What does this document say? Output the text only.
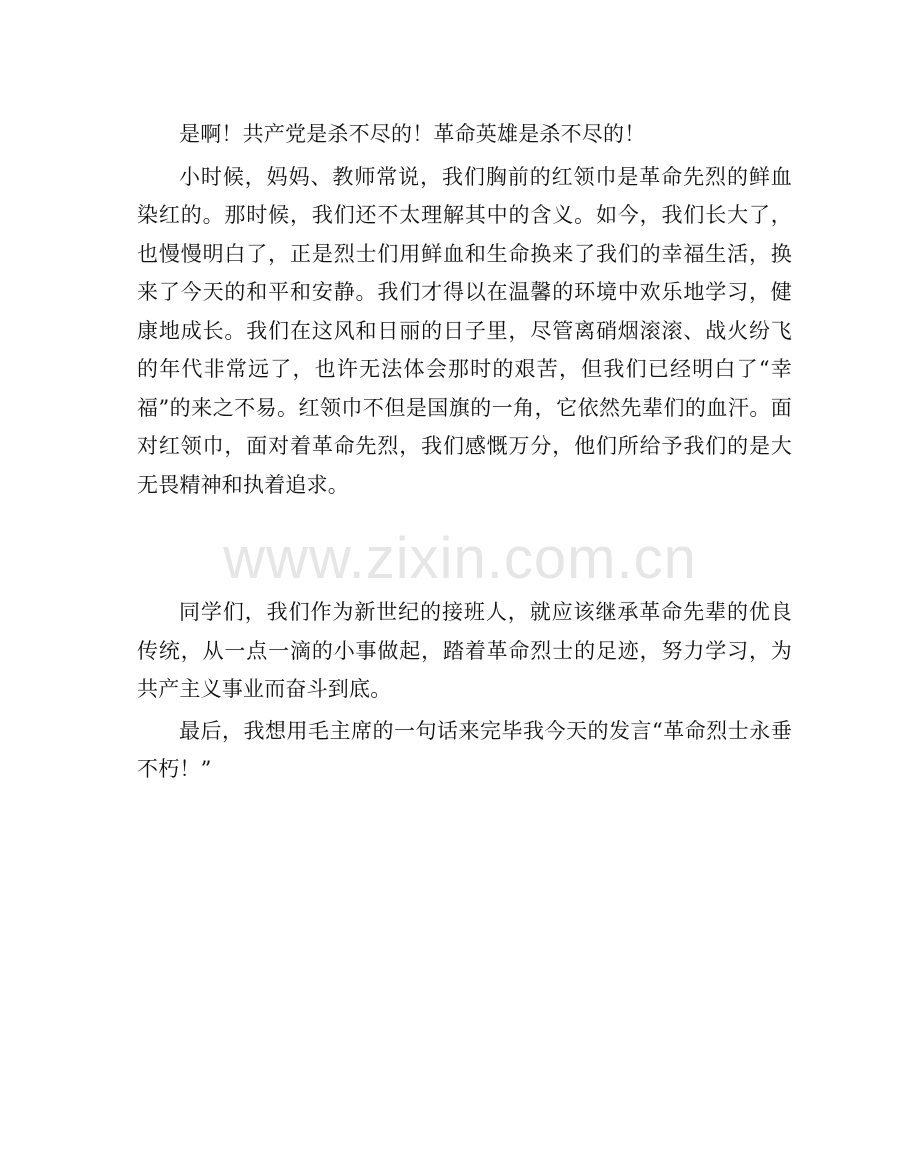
是啊！共产党是杀不尽的！革命英雄是杀不尽的！

小时候，妈妈、教师常说，我们胸前的红领巾是革命先烈的鲜血染红的。那时候，我们还不太理解其中的含义。如今，我们长大了，也慢慢明白了，正是烈士们用鲜血和生命换来了我们的幸福生活，换来了今天的和平和安静。我们才得以在温馨的环境中欢乐地学习，健康地成长。我们在这风和日丽的日子里，尽管离硝烟滚滚、战火纷飞的年代非常远了，也许无法体会那时的艰苦，但我们已经明白了“幸福”的来之不易。红领巾不但是国旗的一角，它依然先辈们的血汗。面对红领巾，面对着革命先烈，我们感慨万分，他们所给予我们的是大无畏精神和执着追求。

www.zixin.com.cn

同学们，我们作为新世纪的接班人，就应该继承革命先辈的优良传统，从一点一滴的小事做起，踏着革命烈士的足迹，努力学习，为共产主义事业而奋斗到底。

最后，我想用毛主席的一句话来完毕我今天的发言“革命烈士永垂不朽！”
